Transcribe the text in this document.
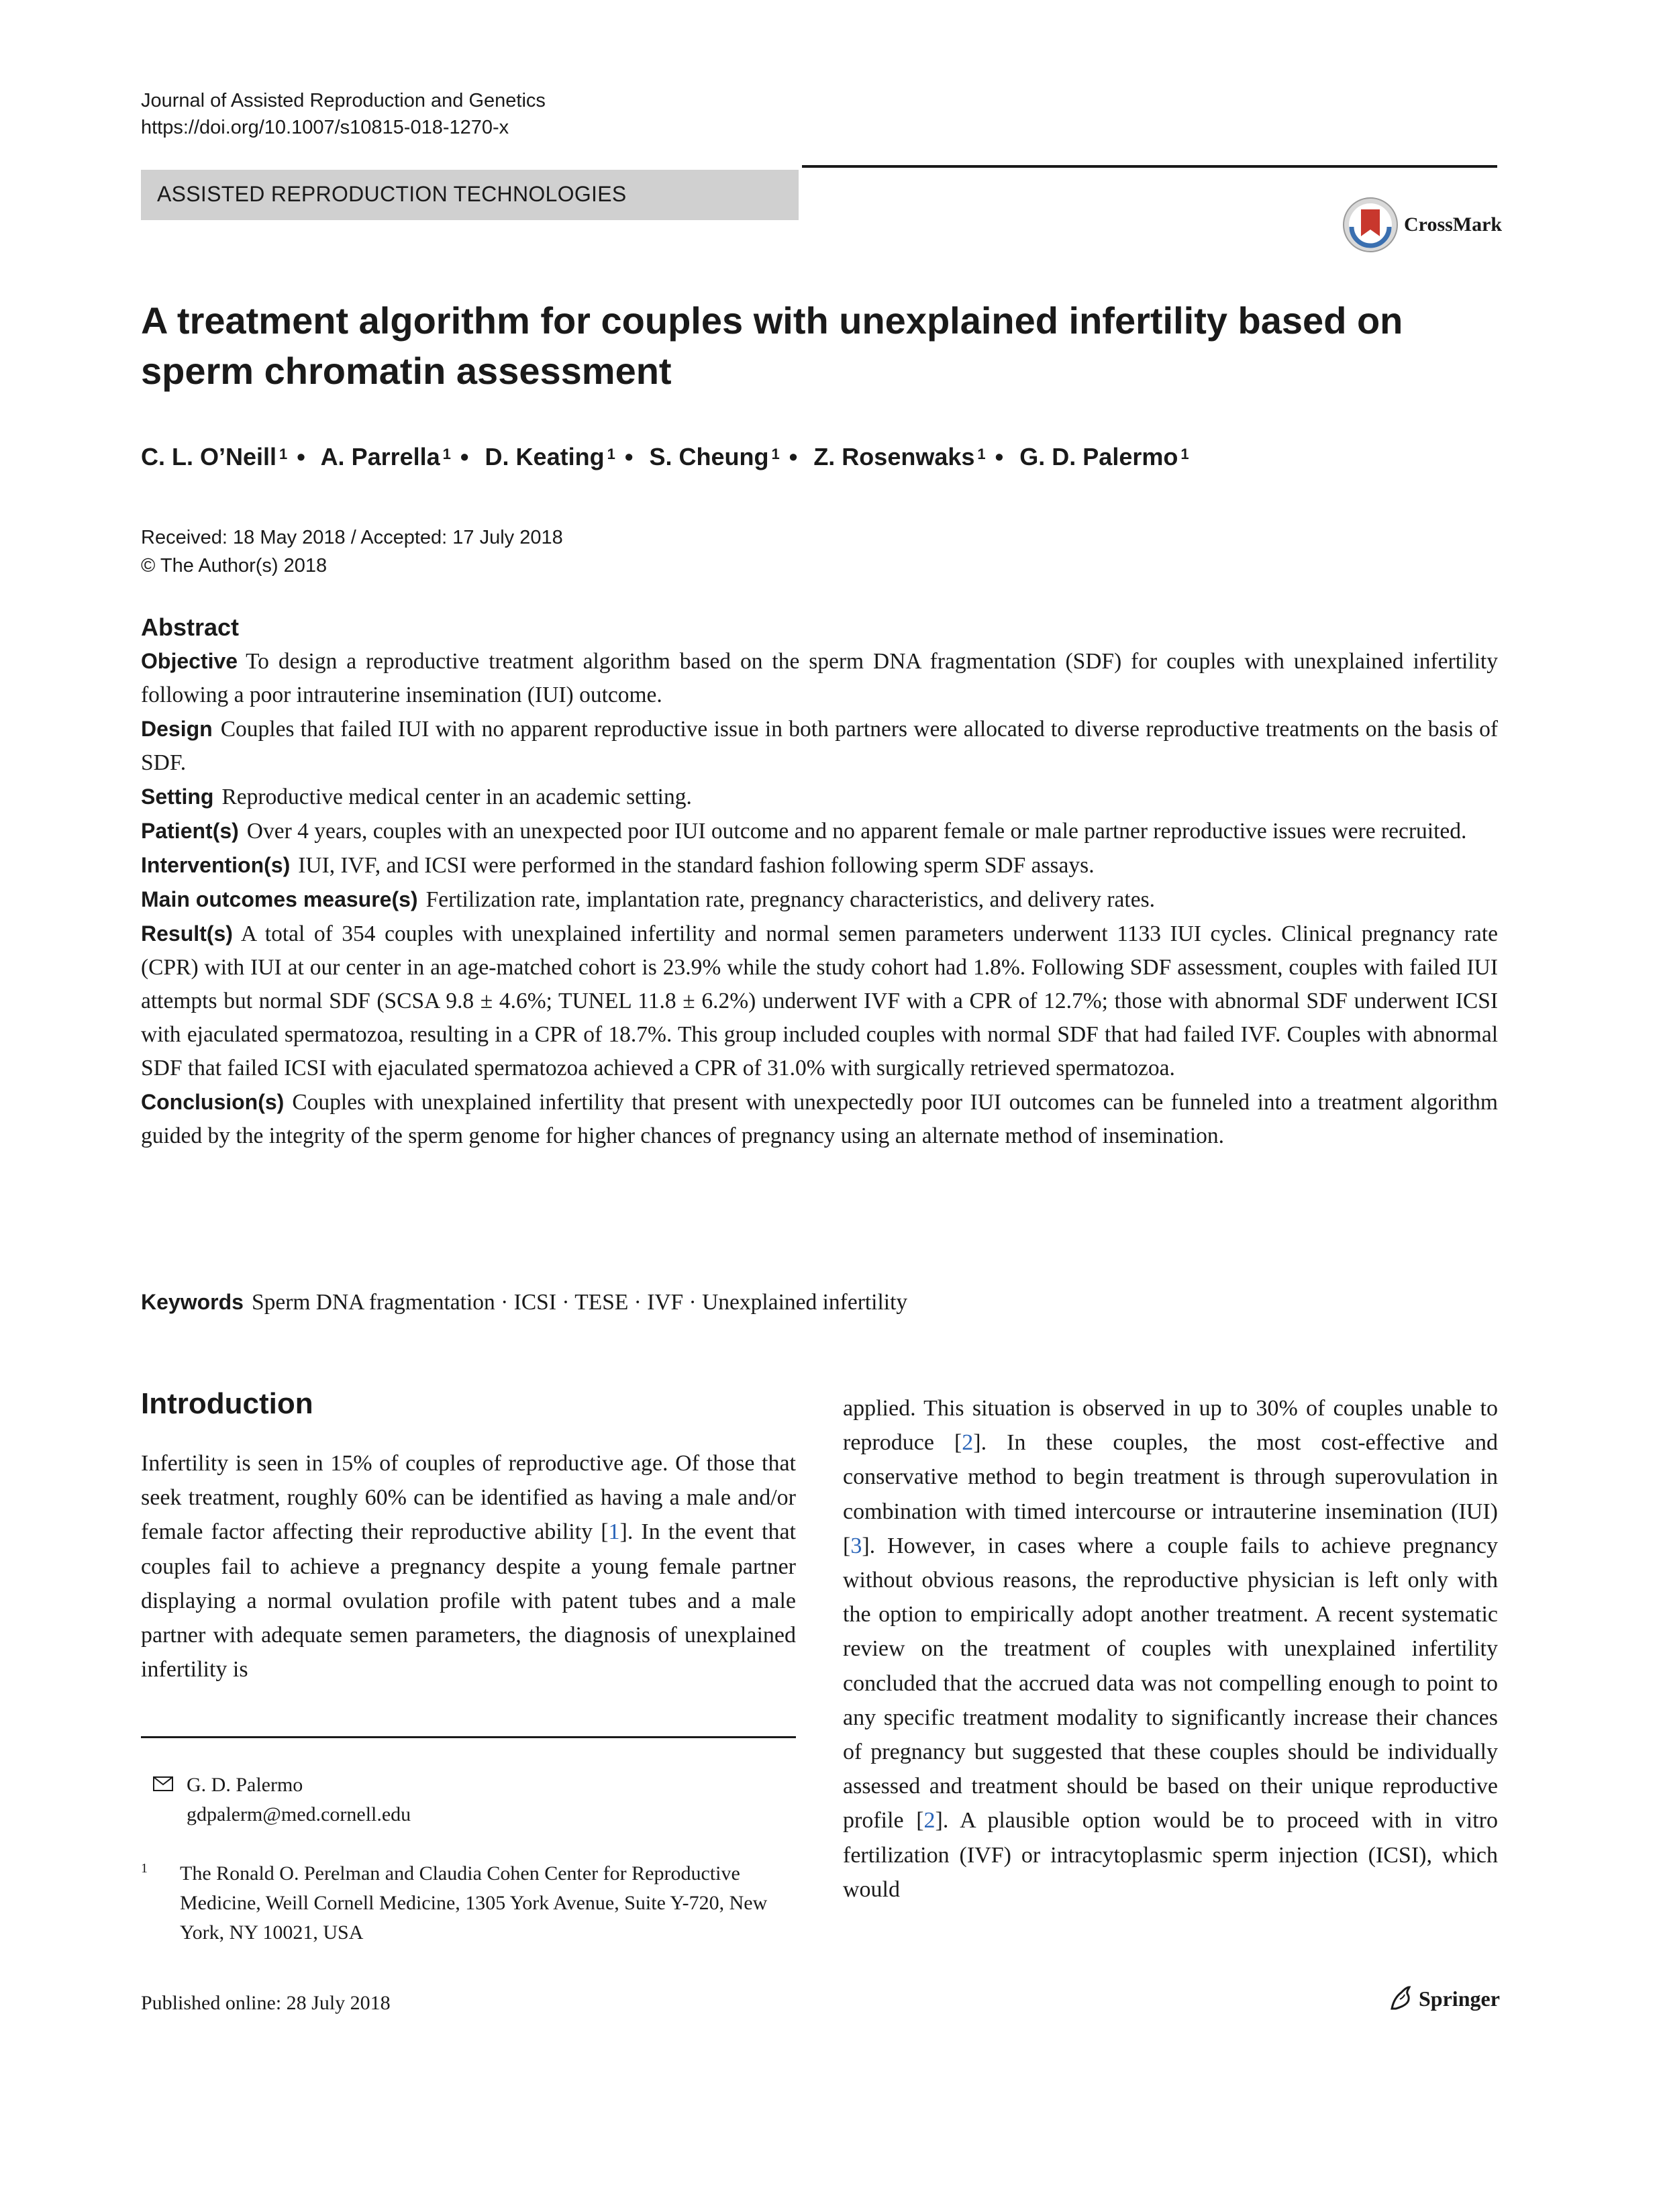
Journal of Assisted Reproduction and Genetics
https://doi.org/10.1007/s10815-018-1270-x
ASSISTED REPRODUCTION TECHNOLOGIES
CrossMark
A treatment algorithm for couples with unexplained infertility based on sperm chromatin assessment
C. L. O’Neill $^1$ • A. Parrella $^1$ • D. Keating $^1$ • S. Cheung $^1$ • Z. Rosenwaks $^1$ • G. D. Palermo $^1$
Received: 18 May 2018 / Accepted: 17 July 2018
© The Author(s) 2018
Abstract

Objective To design a reproductive treatment algorithm based on the sperm DNA fragmentation (SDF) for couples with unexplained infertility following a poor intrauterine insemination (IUI) outcome.

Design Couples that failed IUI with no apparent reproductive issue in both partners were allocated to diverse reproductive treatments on the basis of SDF.

Setting Reproductive medical center in an academic setting.

Patient(s) Over 4 years, couples with an unexpected poor IUI outcome and no apparent female or male partner reproductive issues were recruited.

Intervention(s) IUI, IVF, and ICSI were performed in the standard fashion following sperm SDF assays.

Main outcomes measure(s) Fertilization rate, implantation rate, pregnancy characteristics, and delivery rates.

Result(s) A total of 354 couples with unexplained infertility and normal semen parameters underwent 1133 IUI cycles. Clinical pregnancy rate (CPR) with IUI at our center in an age-matched cohort is 23.9% while the study cohort had 1.8%. Following SDF assessment, couples with failed IUI attempts but normal SDF (SCSA 9.8 ± 4.6%; TUNEL 11.8 ± 6.2%) underwent IVF with a CPR of 12.7%; those with abnormal SDF underwent ICSI with ejaculated spermatozoa, resulting in a CPR of 18.7%. This group included couples with normal SDF that had failed IVF. Couples with abnormal SDF that failed ICSI with ejaculated spermatozoa achieved a CPR of 31.0% with surgically retrieved spermatozoa.

Conclusion(s) Couples with unexplained infertility that present with unexpectedly poor IUI outcomes can be funneled into a treatment algorithm guided by the integrity of the sperm genome for higher chances of pregnancy using an alternate method of insemination.

Keywords Sperm DNA fragmentation · ICSI · TESE · IVF · Unexplained infertility
Introduction

Infertility is seen in 15% of couples of reproductive age. Of those that seek treatment, roughly 60% can be identified as having a male and/or female factor affecting their reproductive ability [1]. In the event that couples fail to achieve a pregnancy despite a young female partner displaying a normal ovulation profile with patent tubes and a male partner with adequate semen parameters, the diagnosis of unexplained infertility is

applied. This situation is observed in up to 30% of couples unable to reproduce [2]. In these couples, the most cost-effective and conservative method to begin treatment is through superovulation in combination with timed intercourse or intrauterine insemination (IUI) [3]. However, in cases where a couple fails to achieve pregnancy without obvious reasons, the reproductive physician is left only with the option to empirically adopt another treatment. A recent systematic review on the treatment of couples with unexplained infertility concluded that the accrued data was not compelling enough to point to any specific treatment modality to significantly increase their chances of pregnancy but suggested that these couples should be individually assessed and treatment should be based on their unique reproductive profile [2]. A plausible option would be to proceed with in vitro fertilization (IVF) or intracytoplasmic sperm injection (ICSI), which would

G. D. Palermo
gdpalerm@med.cornell.edu
1	The Ronald O. Perelman and Claudia Cohen Center for Reproductive Medicine, Weill Cornell Medicine, 1305 York Avenue, Suite Y-720, New York, NY 10021, USA
Published online: 28 July 2018	Springer
